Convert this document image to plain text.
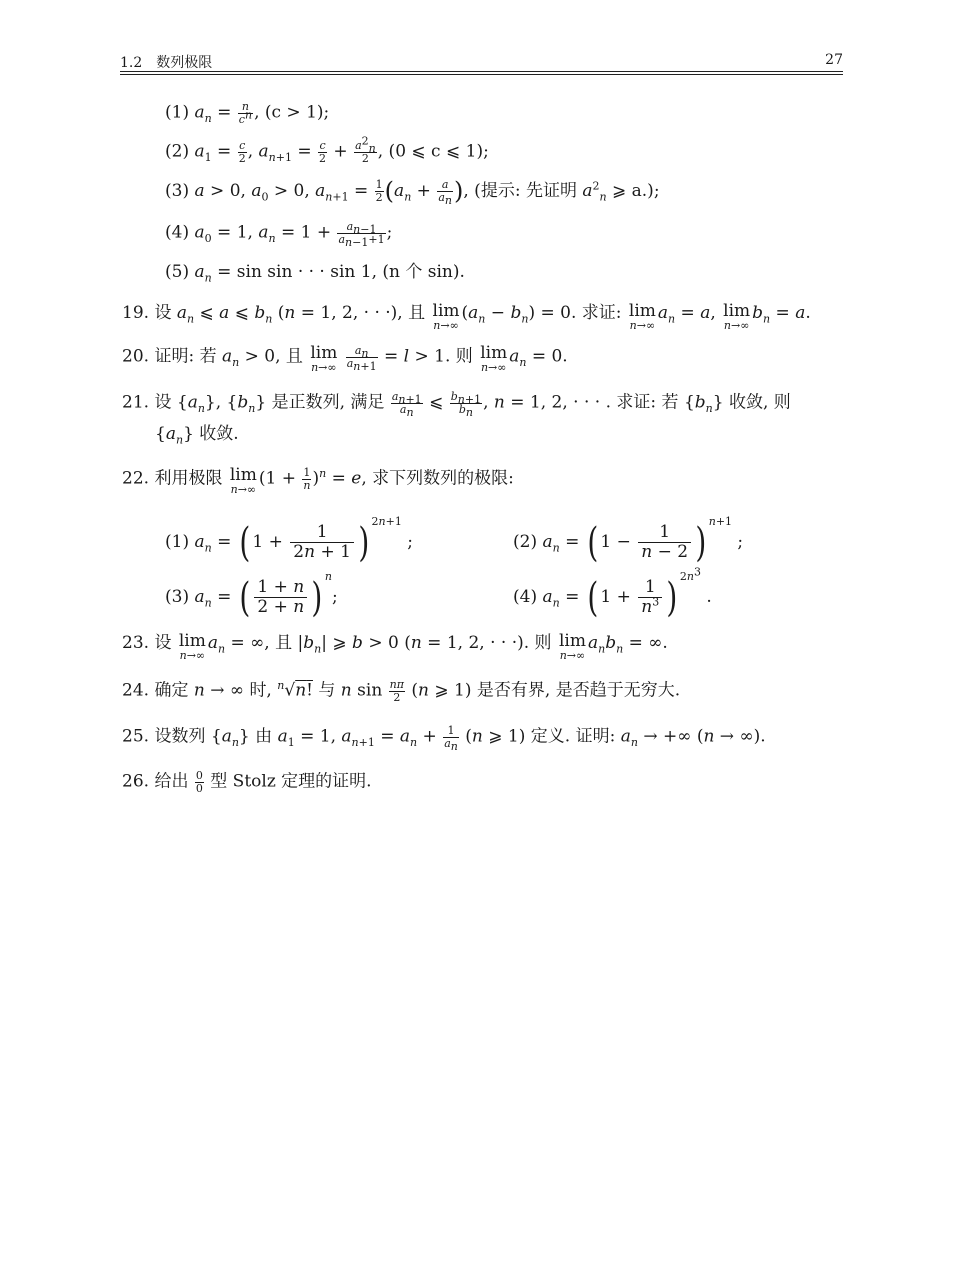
1.2　数列极限	27
(1) $a_n = \frac{n}{c^n}$ , (c > 1);
(2) $a_1 = \frac{c}{2}$ , $a_{n+1} = \frac{c}{2} + \frac{a^2_n}{2}$ , (0 ⩽ c ⩽ 1);
(3) a > 0, $a_0 > 0$, $a_{n+1} = \frac{1}{2} (a_n + \frac{a}{a_n}$ ), (提示: 先证明 $a^2_n$ ⩾ a.);
(4) $a_0 = 1$, $a_n = 1 + \frac{a_{n-1}}{a_{n-1}+1}$ ;
(5) $a_n = \sin \sin$ · · · sin 1, (n 个 sin).
19. 设 $a_n$ ⩽ a ⩽ $b_n$ (n = 1, 2, · · ·), 且 lim
n→∞
$(a_n - b_n) = 0$. 求证: lim
n→∞
$a_n = a$, lim
n→∞
$b_n = a$.
20. 证明: 若 $a_n > 0$, 且 lim
n→∞
$\frac{a_n}{a_{n+1}} = l > 1$. 则 lim
n→∞
$a_n = 0$.
21. 设 $\{a_n\}$, $\{b_n\}$ 是正数列, 满足 $\frac{a_{n+1}}{a_n}$ ⩽ $\frac{b_{n+1}}{b_n}$ , n = 1, 2, · · · . 求证: 若 $\{b_n\}$ 收敛, 则
$\{a_n\}$ 收敛.
22. 利用极限 lim
n→∞
$(1 + \frac{1}{n} )^n = e$, 求下列数列的极限:
(1) $a_n$ = ( $1 + \frac{1}{2n + 1}$ ) $^{2n+1}$ ;	(2) $a_n$ = ( $1 - \frac{1}{n - 2}$ ) $^{n+1}$ ;
(3) $a_n$ = ( $\frac{1 + n}{2 + n}$ ) $^n$;	(4) $a_n$ = ( $1 + \frac{1}{n^3}$ ) $^{2n^3}$ .
23. 设 lim
n→∞
$a_n$ = ∞, 且 $|b_n|$ ⩾ b > 0 (n = 1, 2, · · ·). 则 lim
n→∞
$a_nb_n$ = ∞.
24. 确定 n → ∞ 时, $^n$√n! 与 n $\sin \frac{n\pi}{2} (n$ ⩾ 1) 是否有界, 是否趋于无穷大.
25. 设数列 $\{a_n\}$ 由 $a_1 = 1$, $a_{n+1} = a_n + \frac{1}{a_n} (n$ ⩾ 1) 定义. 证明: $a_n$ → +∞ (n → ∞).
26. 给出 $\frac{0}{0}$ 型 Stolz 定理的证明.
